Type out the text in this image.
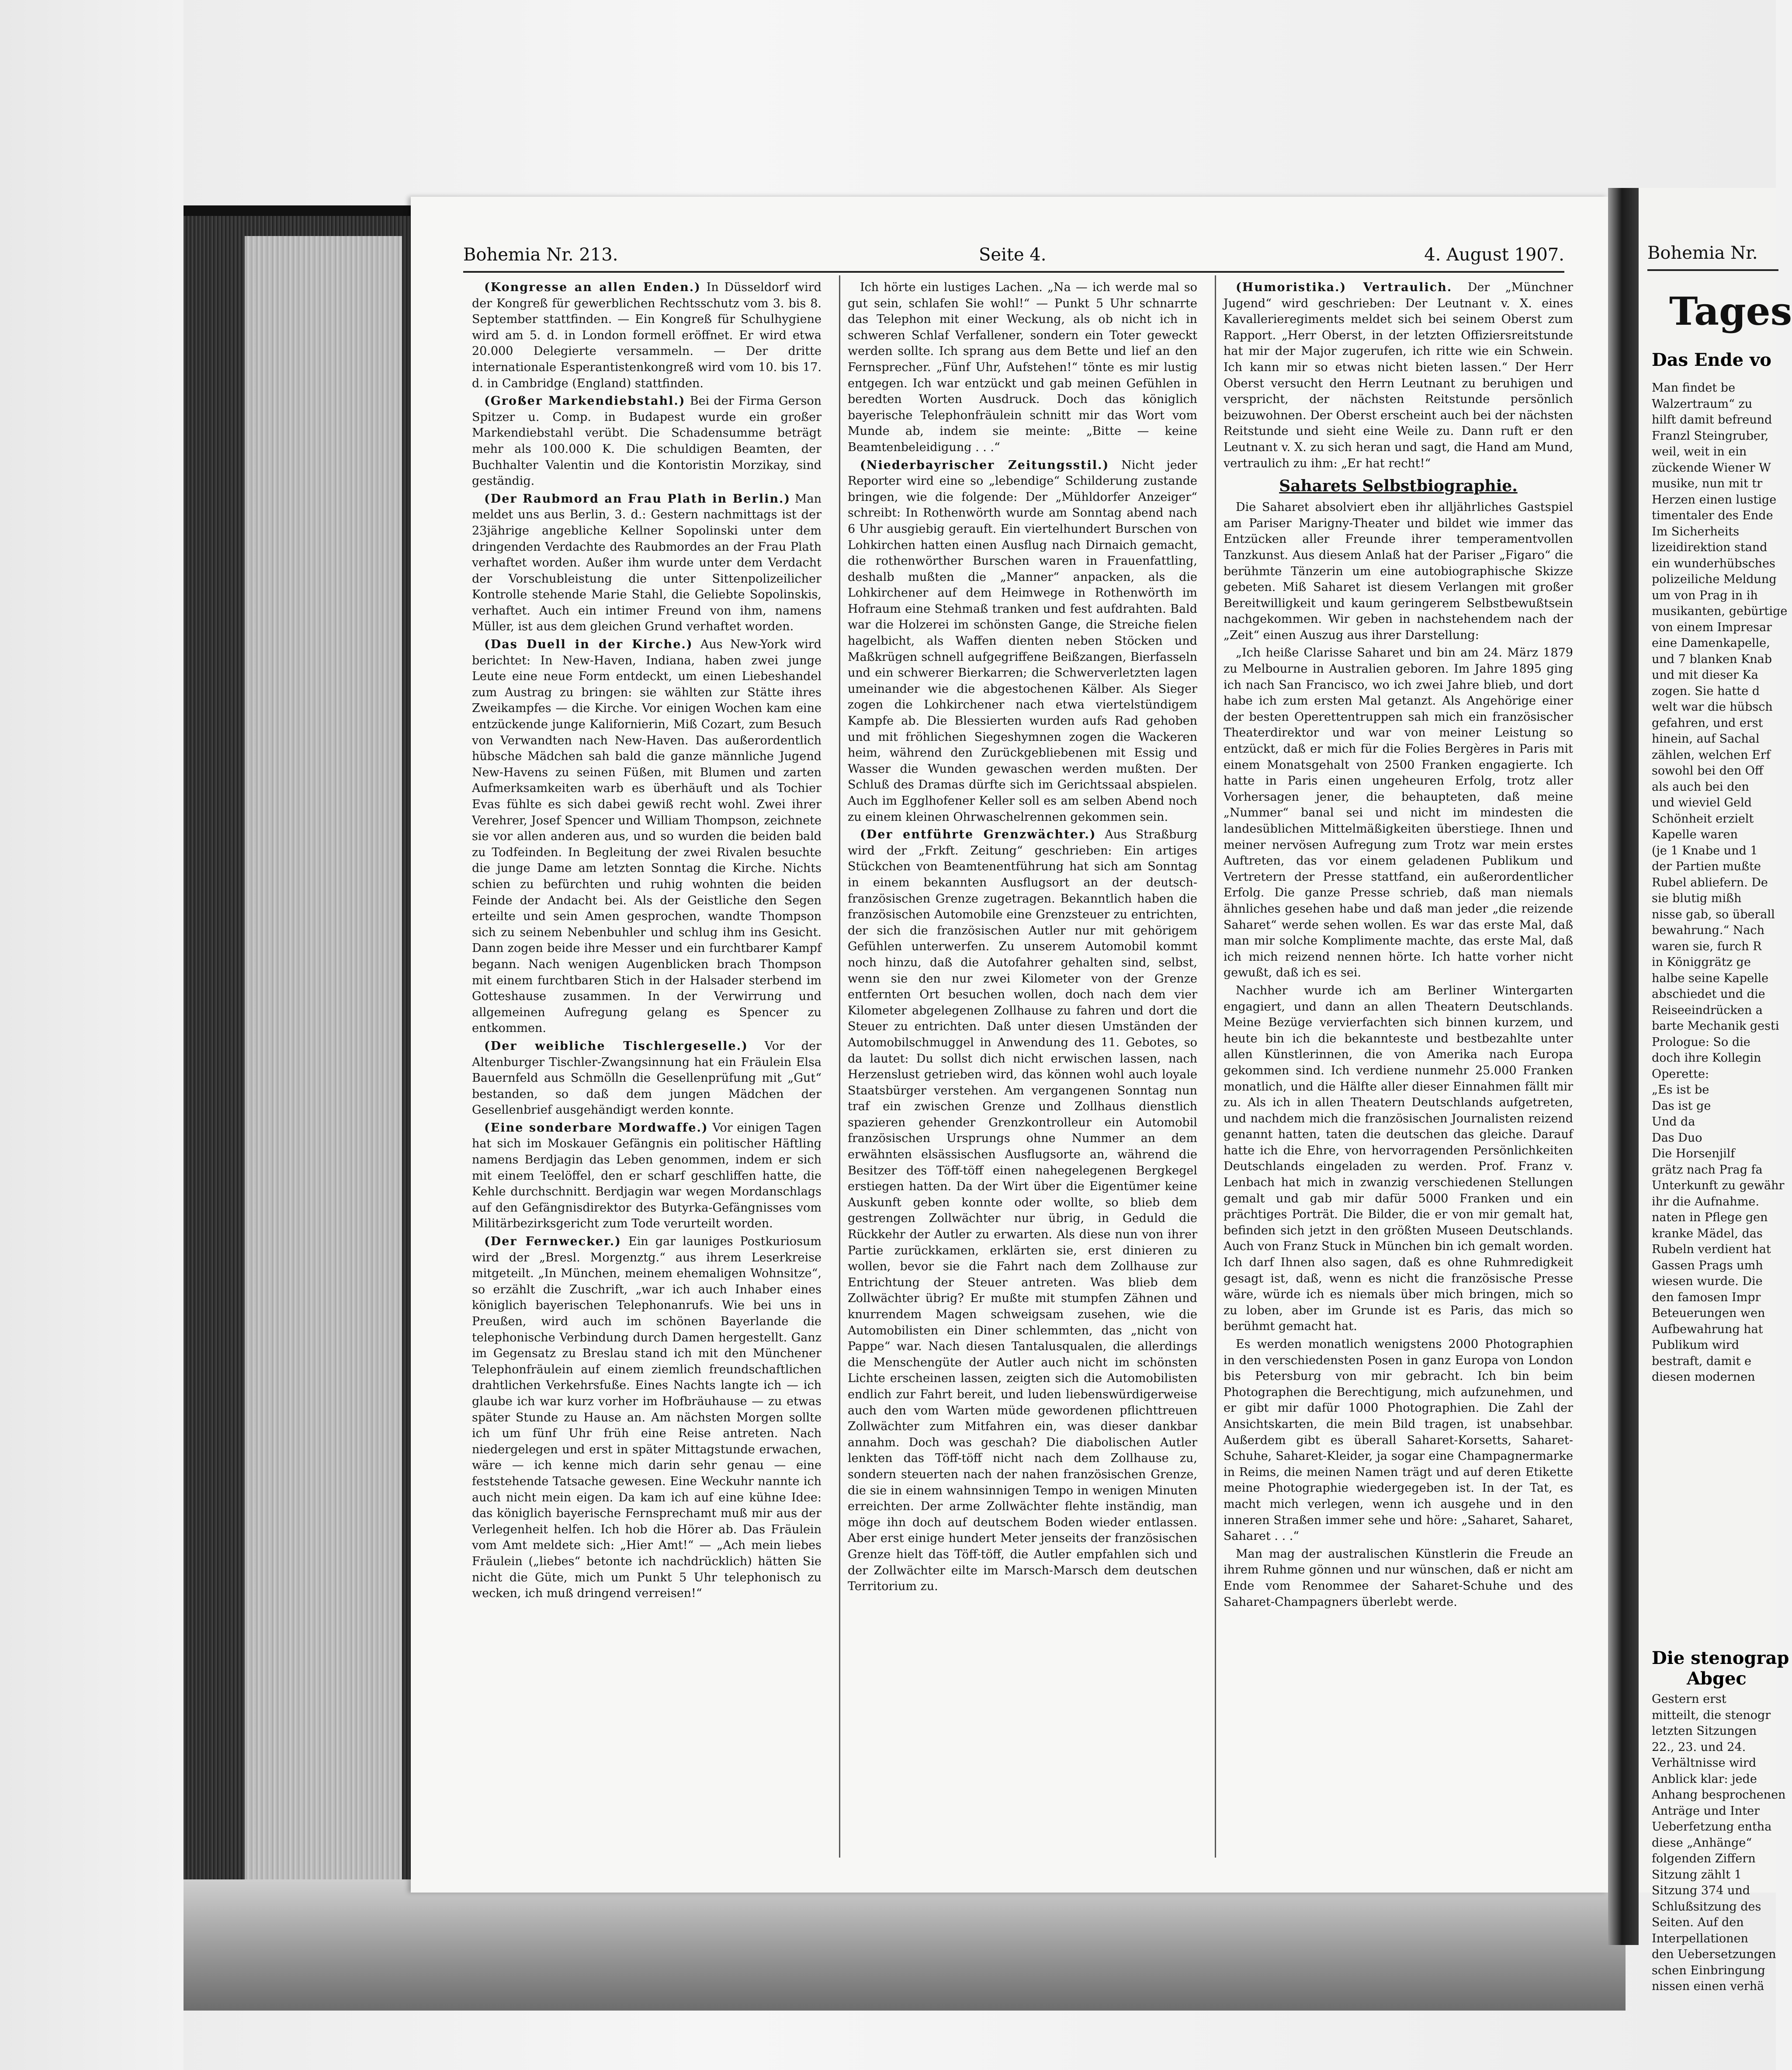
Bohemia Nr. 213.	Seite 4.	4. August 1907.

(Kongresse an allen Enden.) In Düsseldorf wird der Kongreß für gewerblichen Rechtsschutz vom 3. bis 8. September stattfinden. — Ein Kongreß für Schulhygiene wird am 5. d. in London formell eröffnet. Er wird etwa 20.000 Delegierte versammeln. — Der dritte internationale Esperantistenkongreß wird vom 10. bis 17. d. in Cambridge (England) stattfinden.

(Großer Markendiebstahl.) Bei der Firma Gerson Spitzer u. Comp. in Budapest wurde ein großer Markendiebstahl verübt. Die Schadensumme beträgt mehr als 100.000 K. Die schuldigen Beamten, der Buchhalter Valentin und die Kontoristin Morzikay, sind geständig.

(Der Raubmord an Frau Plath in Berlin.) Man meldet uns aus Berlin, 3. d.: Gestern nachmittags ist der 23jährige angebliche Kellner Sopolinski unter dem dringenden Verdachte des Raubmordes an der Frau Plath verhaftet worden. Außer ihm wurde unter dem Verdacht der Vorschubleistung die unter Sittenpolizeilicher Kontrolle stehende Marie Stahl, die Geliebte Sopolinskis, verhaftet. Auch ein intimer Freund von ihm, namens Müller, ist aus dem gleichen Grund verhaftet worden.

(Das Duell in der Kirche.) Aus New-York wird berichtet: In New-Haven, Indiana, haben zwei junge Leute eine neue Form entdeckt, um einen Liebeshandel zum Austrag zu bringen: sie wählten zur Stätte ihres Zweikampfes — die Kirche. Vor einigen Wochen kam eine entzückende junge Kalifornierin, Miß Cozart, zum Besuch von Verwandten nach New-Haven. Das außerordentlich hübsche Mädchen sah bald die ganze männliche Jugend New-Havens zu seinen Füßen, mit Blumen und zarten Aufmerksamkeiten warb es überhäuft und als Tochier Evas fühlte es sich dabei gewiß recht wohl. Zwei ihrer Verehrer, Josef Spencer und William Thompson, zeichnete sie vor allen anderen aus, und so wurden die beiden bald zu Todfeinden. In Begleitung der zwei Rivalen besuchte die junge Dame am letzten Sonntag die Kirche. Nichts schien zu befürchten und ruhig wohnten die beiden Feinde der Andacht bei. Als der Geistliche den Segen erteilte und sein Amen gesprochen, wandte Thompson sich zu seinem Nebenbuhler und schlug ihm ins Gesicht. Dann zogen beide ihre Messer und ein furchtbarer Kampf begann. Nach wenigen Augenblicken brach Thompson mit einem furchtbaren Stich in der Halsader sterbend im Gotteshause zusammen. In der Verwirrung und allgemeinen Aufregung gelang es Spencer zu entkommen.

(Der weibliche Tischlergeselle.) Vor der Altenburger Tischler-Zwangsinnung hat ein Fräulein Elsa Bauernfeld aus Schmölln die Gesellenprüfung mit „Gut“ bestanden, so daß dem jungen Mädchen der Gesellenbrief ausgehändigt werden konnte.

(Eine sonderbare Mordwaffe.) Vor einigen Tagen hat sich im Moskauer Gefängnis ein politischer Häftling namens Berdjagin das Leben genommen, indem er sich mit einem Teelöffel, den er scharf geschliffen hatte, die Kehle durchschnitt. Berdjagin war wegen Mordanschlags auf den Gefängnisdirektor des Butyrka-Gefängnisses vom Militärbezirksgericht zum Tode verurteilt worden.

(Der Fernwecker.) Ein gar launiges Postkuriosum wird der „Bresl. Morgenztg.“ aus ihrem Leserkreise mitgeteilt. „In München, meinem ehemaligen Wohnsitze“, so erzählt die Zuschrift, „war ich auch Inhaber eines königlich bayerischen Telephonanrufs. Wie bei uns in Preußen, wird auch im schönen Bayerlande die telephonische Verbindung durch Damen hergestellt. Ganz im Gegensatz zu Breslau stand ich mit den Münchener Telephonfräulein auf einem ziemlich freundschaftlichen drahtlichen Verkehrsfuße. Eines Nachts langte ich — ich glaube ich war kurz vorher im Hofbräuhause — zu etwas später Stunde zu Hause an. Am nächsten Morgen sollte ich um fünf Uhr früh eine Reise antreten. Nach niedergelegen und erst in später Mittagstunde erwachen, wäre — ich kenne mich darin sehr genau — eine feststehende Tatsache gewesen. Eine Weckuhr nannte ich auch nicht mein eigen. Da kam ich auf eine kühne Idee: das königlich bayerische Fernsprechamt muß mir aus der Verlegenheit helfen. Ich hob die Hörer ab. Das Fräulein vom Amt meldete sich: „Hier Amt!“ — „Ach mein liebes Fräulein („liebes“ betonte ich nachdrücklich) hätten Sie nicht die Güte, mich um Punkt 5 Uhr telephonisch zu wecken, ich muß dringend verreisen!“

Ich hörte ein lustiges Lachen. „Na — ich werde mal so gut sein, schlafen Sie wohl!“ — Punkt 5 Uhr schnarrte das Telephon mit einer Weckung, als ob nicht ich in schweren Schlaf Verfallener, sondern ein Toter geweckt werden sollte. Ich sprang aus dem Bette und lief an den Fernsprecher. „Fünf Uhr, Aufstehen!“ tönte es mir lustig entgegen. Ich war entzückt und gab meinen Gefühlen in beredten Worten Ausdruck. Doch das königlich bayerische Telephonfräulein schnitt mir das Wort vom Munde ab, indem sie meinte: „Bitte — keine Beamtenbeleidigung . . .“

(Niederbayrischer Zeitungsstil.) Nicht jeder Reporter wird eine so „lebendige“ Schilderung zustande bringen, wie die folgende: Der „Mühldorfer Anzeiger“ schreibt: In Rothenwörth wurde am Sonntag abend nach 6 Uhr ausgiebig gerauft. Ein viertelhundert Burschen von Lohkirchen hatten einen Ausflug nach Dirnaich gemacht, die rothenwörther Burschen waren in Frauenfattling, deshalb mußten die „Manner“ anpacken, als die Lohkirchener auf dem Heimwege in Rothenwörth im Hofraum eine Stehmaß tranken und fest aufdrahten. Bald war die Holzerei im schönsten Gange, die Streiche fielen hagelbicht, als Waffen dienten neben Stöcken und Maßkrügen schnell aufgegriffene Beißzangen, Bierfasseln und ein schwerer Bierkarren; die Schwerverletzten lagen umeinander wie die abgestochenen Kälber. Als Sieger zogen die Lohkirchener nach etwa viertelstündigem Kampfe ab. Die Blessierten wurden aufs Rad gehoben und mit fröhlichen Siegeshymnen zogen die Wackeren heim, während den Zurückgebliebenen mit Essig und Wasser die Wunden gewaschen werden mußten. Der Schluß des Dramas dürfte sich im Gerichtssaal abspielen. Auch im Egglhofener Keller soll es am selben Abend noch zu einem kleinen Ohrwaschelrennen gekommen sein.

(Der entführte Grenzwächter.) Aus Straßburg wird der „Frkft. Zeitung“ geschrieben: Ein artiges Stückchen von Beamtenentführung hat sich am Sonntag in einem bekannten Ausflugsort an der deutsch-französischen Grenze zugetragen. Bekanntlich haben die französischen Automobile eine Grenzsteuer zu entrichten, der sich die französischen Autler nur mit gehörigem Gefühlen unterwerfen. Zu unserem Automobil kommt noch hinzu, daß die Autofahrer gehalten sind, selbst, wenn sie den nur zwei Kilometer von der Grenze entfernten Ort besuchen wollen, doch nach dem vier Kilometer abgelegenen Zollhause zu fahren und dort die Steuer zu entrichten. Daß unter diesen Umständen der Automobilschmuggel in Anwendung des 11. Gebotes, so da lautet: Du sollst dich nicht erwischen lassen, nach Herzenslust getrieben wird, das können wohl auch loyale Staatsbürger verstehen. Am vergangenen Sonntag nun traf ein zwischen Grenze und Zollhaus dienstlich spazieren gehender Grenzkontrolleur ein Automobil französischen Ursprungs ohne Nummer an dem erwähnten elsässischen Ausflugsorte an, während die Besitzer des Töff-töff einen nahegelegenen Bergkegel erstiegen hatten. Da der Wirt über die Eigentümer keine Auskunft geben konnte oder wollte, so blieb dem gestrengen Zollwächter nur übrig, in Geduld die Rückkehr der Autler zu erwarten. Als diese nun von ihrer Partie zurückkamen, erklärten sie, erst dinieren zu wollen, bevor sie die Fahrt nach dem Zollhause zur Entrichtung der Steuer antreten. Was blieb dem Zollwächter übrig? Er mußte mit stumpfen Zähnen und knurrendem Magen schweigsam zusehen, wie die Automobilisten ein Diner schlemmten, das „nicht von Pappe“ war. Nach diesen Tantalusqualen, die allerdings die Menschengüte der Autler auch nicht im schönsten Lichte erscheinen lassen, zeigten sich die Automobilisten endlich zur Fahrt bereit, und luden liebenswürdigerweise auch den vom Warten müde gewordenen pflichttreuen Zollwächter zum Mitfahren ein, was dieser dankbar annahm. Doch was geschah? Die diabolischen Autler lenkten das Töff-töff nicht nach dem Zollhause zu, sondern steuerten nach der nahen französischen Grenze, die sie in einem wahnsinnigen Tempo in wenigen Minuten erreichten. Der arme Zollwächter flehte inständig, man möge ihn doch auf deutschem Boden wieder entlassen. Aber erst einige hundert Meter jenseits der französischen Grenze hielt das Töff-töff, die Autler empfahlen sich und der Zollwächter eilte im Marsch-Marsch dem deutschen Territorium zu.

(Humoristika.) Vertraulich. Der „Münchner Jugend“ wird geschrieben: Der Leutnant v. X. eines Kavallerieregiments meldet sich bei seinem Oberst zum Rapport. „Herr Oberst, in der letzten Offiziersreitstunde hat mir der Major zugerufen, ich ritte wie ein Schwein. Ich kann mir so etwas nicht bieten lassen.“ Der Herr Oberst versucht den Herrn Leutnant zu beruhigen und verspricht, der nächsten Reitstunde persönlich beizuwohnen. Der Oberst erscheint auch bei der nächsten Reitstunde und sieht eine Weile zu. Dann ruft er den Leutnant v. X. zu sich heran und sagt, die Hand am Mund, vertraulich zu ihm: „Er hat recht!“

Saharets Selbstbiographie.

Die Saharet absolviert eben ihr alljährliches Gastspiel am Pariser Marigny-Theater und bildet wie immer das Entzücken aller Freunde ihrer temperamentvollen Tanzkunst. Aus diesem Anlaß hat der Pariser „Figaro“ die berühmte Tänzerin um eine autobiographische Skizze gebeten. Miß Saharet ist diesem Verlangen mit großer Bereitwilligkeit und kaum geringerem Selbstbewußtsein nachgekommen. Wir geben in nachstehendem nach der „Zeit“ einen Auszug aus ihrer Darstellung:

„Ich heiße Clarisse Saharet und bin am 24. März 1879 zu Melbourne in Australien geboren. Im Jahre 1895 ging ich nach San Francisco, wo ich zwei Jahre blieb, und dort habe ich zum ersten Mal getanzt. Als Angehörige einer der besten Operettentruppen sah mich ein französischer Theaterdirektor und war von meiner Leistung so entzückt, daß er mich für die Folies Bergères in Paris mit einem Monatsgehalt von 2500 Franken engagierte. Ich hatte in Paris einen ungeheuren Erfolg, trotz aller Vorhersagen jener, die behaupteten, daß meine „Nummer“ banal sei und nicht im mindesten die landesüblichen Mittelmäßigkeiten überstiege. Ihnen und meiner nervösen Aufregung zum Trotz war mein erstes Auftreten, das vor einem geladenen Publikum und Vertretern der Presse stattfand, ein außerordentlicher Erfolg. Die ganze Presse schrieb, daß man niemals ähnliches gesehen habe und daß man jeder „die reizende Saharet“ werde sehen wollen. Es war das erste Mal, daß man mir solche Komplimente machte, das erste Mal, daß ich mich reizend nennen hörte. Ich hatte vorher nicht gewußt, daß ich es sei.

Nachher wurde ich am Berliner Wintergarten engagiert, und dann an allen Theatern Deutschlands. Meine Bezüge vervierfachten sich binnen kurzem, und heute bin ich die bekannteste und bestbezahlte unter allen Künstlerinnen, die von Amerika nach Europa gekommen sind. Ich verdiene nunmehr 25.000 Franken monatlich, und die Hälfte aller dieser Einnahmen fällt mir zu. Als ich in allen Theatern Deutschlands aufgetreten, und nachdem mich die französischen Journalisten reizend genannt hatten, taten die deutschen das gleiche. Darauf hatte ich die Ehre, von hervorragenden Persönlichkeiten Deutschlands eingeladen zu werden. Prof. Franz v. Lenbach hat mich in zwanzig verschiedenen Stellungen gemalt und gab mir dafür 5000 Franken und ein prächtiges Porträt. Die Bilder, die er von mir gemalt hat, befinden sich jetzt in den größten Museen Deutschlands. Auch von Franz Stuck in München bin ich gemalt worden. Ich darf Ihnen also sagen, daß es ohne Ruhmredigkeit gesagt ist, daß, wenn es nicht die französische Presse wäre, würde ich es niemals über mich bringen, mich so zu loben, aber im Grunde ist es Paris, das mich so berühmt gemacht hat.

Es werden monatlich wenigstens 2000 Photographien in den verschiedensten Posen in ganz Europa von London bis Petersburg von mir gebracht. Ich bin beim Photographen die Berechtigung, mich aufzunehmen, und er gibt mir dafür 1000 Photographien. Die Zahl der Ansichtskarten, die mein Bild tragen, ist unabsehbar. Außerdem gibt es überall Saharet-Korsetts, Saharet-Schuhe, Saharet-Kleider, ja sogar eine Champagnermarke in Reims, die meinen Namen trägt und auf deren Etikette meine Photographie wiedergegeben ist. In der Tat, es macht mich verlegen, wenn ich ausgehe und in den inneren Straßen immer sehe und höre: „Saharet, Saharet, Saharet . . .“

Man mag der australischen Künstlerin die Freude an ihrem Ruhme gönnen und nur wünschen, daß er nicht am Ende vom Renommee der Saharet-Schuhe und des Saharet-Champagners überlebt werde.

Bohemia Nr.
Tages
Das Ende vo
Man findet be
Walzertraum“ zu
hilft damit befreund
Franzl Steingruber,
weil, weit in ein
zückende Wiener W
musike, nun mit tr
Herzen einen lustige
timentaler des Ende
Im Sicherheits
lizeidirektion stand
ein wunderhübsches
polizeiliche Meldung
um von Prag in ih
musikanten, gebürtige
von einem Impresar
eine Damenkapelle,
und 7 blanken Knab
und mit dieser Ka
zogen. Sie hatte d
welt war die hübsch
gefahren, und erst
hinein, auf Sachal
zählen, welchen Erf
sowohl bei den Off
als auch bei den
und wieviel Geld
Schönheit erzielt
Kapelle waren
(je 1 Knabe und 1
der Partien mußte
Rubel abliefern. De
sie blutig mißh
nisse gab, so überall
bewahrung.“ Nach
waren sie, furch R
in Königgrätz ge
halbe seine Kapelle
abschiedet und die
Reiseeindrücken a
barte Mechanik gesti
Prologue: So die
doch ihre Kollegin
Operette:
„Es ist be
Das ist ge
Und da
Das Duo
Die Horsenjilf
grätz nach Prag fa
Unterkunft zu gewähr
ihr die Aufnahme.
naten in Pflege gen
kranke Mädel, das
Rubeln verdient hat
Gassen Prags umh
wiesen wurde. Die
den famosen Impr
Beteuerungen wen
Aufbewahrung hat
Publikum wird
bestraft, damit e
diesen modernen
Die stenograp
Abgec
Gestern erst
mitteilt, die stenogr
letzten Sitzungen
22., 23. und 24.
Verhältnisse wird
Anblick klar: jede
Anhang besprochenen
Anträge und Inter
Ueberfetzung entha
diese „Anhänge“
folgenden Ziffern
Sitzung zählt 1
Sitzung 374 und
Schlußsitzung des
Seiten. Auf den
Interpellationen
den Uebersetzungen
schen Einbringung
nissen einen verhä
